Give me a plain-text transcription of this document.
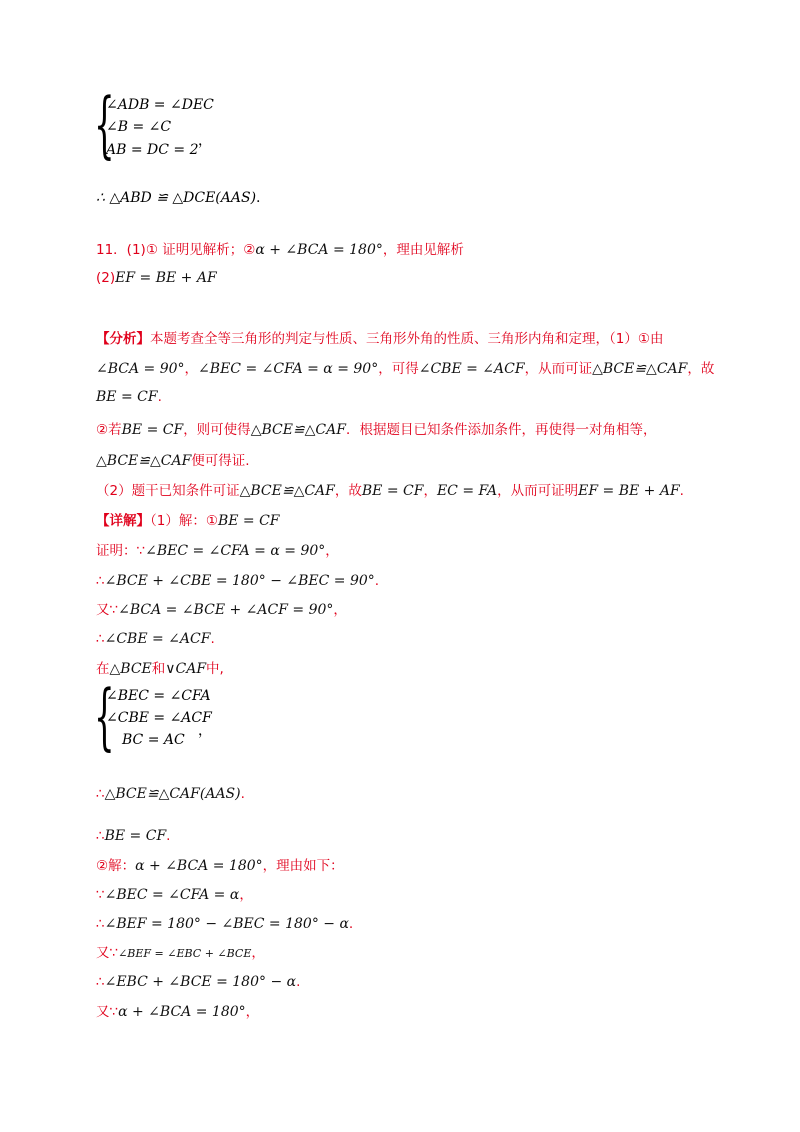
{
∠ADB = ∠DEC
∠B = ∠C
AB = DC = 2
，
∴ △ABD ≌ △DCE(AAS).
11．(1)① 证明见解析；②α + ∠BCA = 180°，理由见解析
(2)EF = BE + AF
【分析】本题考查全等三角形的判定与性质、三角形外角的性质、三角形内角和定理，（1）①由
∠BCA = 90°，∠BEC = ∠CFA = α = 90°，可得∠CBE = ∠ACF，从而可证△BCE≌△CAF，故
BE = CF.
②若BE = CF，则可使得△BCE≌△CAF．根据题目已知条件添加条件，再使得一对角相等，
△BCE≌△CAF便可得证.
（2）题干已知条件可证△BCE≌△CAF，故BE = CF，EC = FA，从而可证明EF = BE + AF.
【详解】（1）解：①BE = CF
证明：∵∠BEC = ∠CFA = α = 90°，
∴∠BCE + ∠CBE = 180° − ∠BEC = 90°.
又∵∠BCA = ∠BCE + ∠ACF = 90°，
∴∠CBE = ∠ACF.
在△BCE和∨CAF中,
{
∠BEC = ∠CFA
∠CBE = ∠ACF
BC = AC
，
∴△BCE≌△CAF(AAS).
∴BE = CF.
②解：α + ∠BCA = 180°，理由如下：
∵∠BEC = ∠CFA = α，
∴∠BEF = 180° − ∠BEC = 180° − α.
又∵∠BEF = ∠EBC + ∠BCE，
∴∠EBC + ∠BCE = 180° − α.
又∵α + ∠BCA = 180°，
